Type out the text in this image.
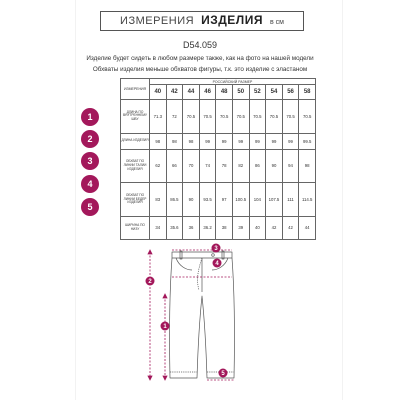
ИЗМЕРЕНИЯ ИЗДЕЛИЯ в см
D54.059
Изделие будет сидеть в любом размере также, как на фото на нашей модели
Обхваты изделия меньше обхватов фигуры, т.к. это изделие с эластаном
ИЗМЕРЕНИЯ	РОССИЙСКИЙ РАЗМЕР									
	40	42	44	46	48	50	52	54	56	58
ДЛИНА ПО ВНУТРЕННЕМУ ШВУ	71.3	72	70.5	70.5	70.5	70.5	70.5	70.5	70.5	70.5
ДЛИНА ИЗДЕЛИЯ	98	98	98	99	99	99	99	99	99	99.5
ОБХВАТ ПО ЛИНИИ ТАЛИИ ИЗДЕЛИЯ	62	66	70	74	78	82	86	90	94	98
ОБХВАТ ПО ЛИНИИ БЕДЕР ИЗДЕЛИЯ	83	86.5	90	93.5	97	100.5	104	107.5	111	114.5
ШИРИНА ПО НИЗУ	34	35.6	36	36.2	38	39	40	42	42	44
1
2
3
4
5
2
1
3
4
5
